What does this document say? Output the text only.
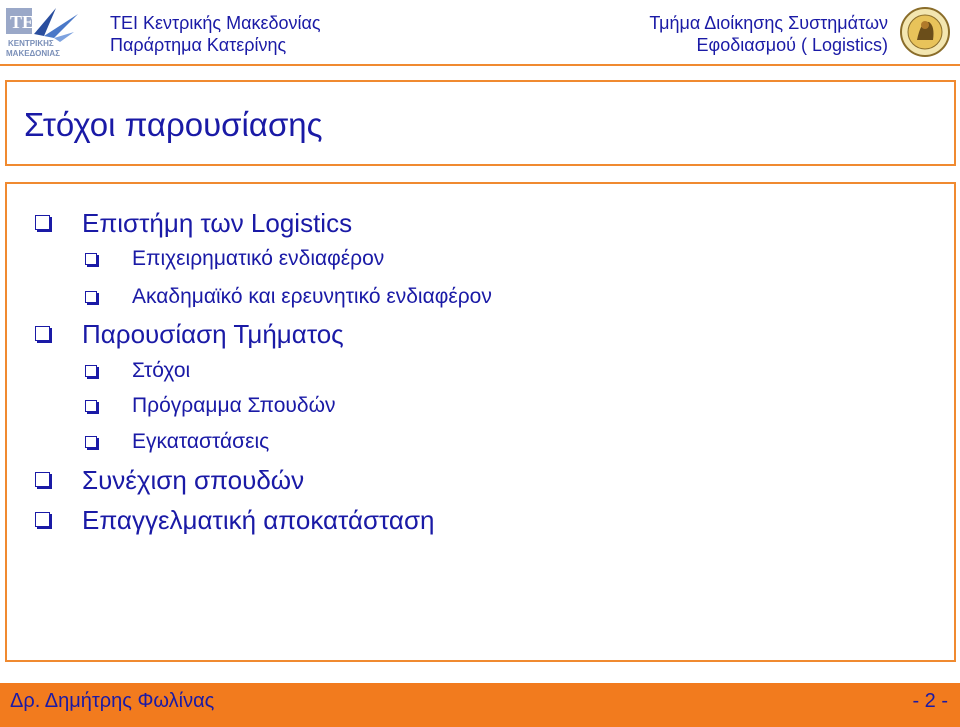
TE
ΚΕΝΤΡΙΚΗΣ
ΜΑΚΕΔΟΝΙΑΣ
ΤΕΙ Κεντρικής Μακεδονίας
Παράρτημα Κατερίνης
Τμήμα Διοίκησης Συστημάτων
Εφοδιασμού ( Logistics)
Στόχοι παρουσίασης
Επιστήμη των Logistics
Επιχειρηματικό ενδιαφέρον
Ακαδημαϊκό και ερευνητικό ενδιαφέρον
Παρουσίαση Τμήματος
Στόχοι
Πρόγραμμα Σπουδών
Εγκαταστάσεις
Συνέχιση σπουδών
Επαγγελματική αποκατάσταση
Δρ. Δημήτρης Φωλίνας	- 2 -
